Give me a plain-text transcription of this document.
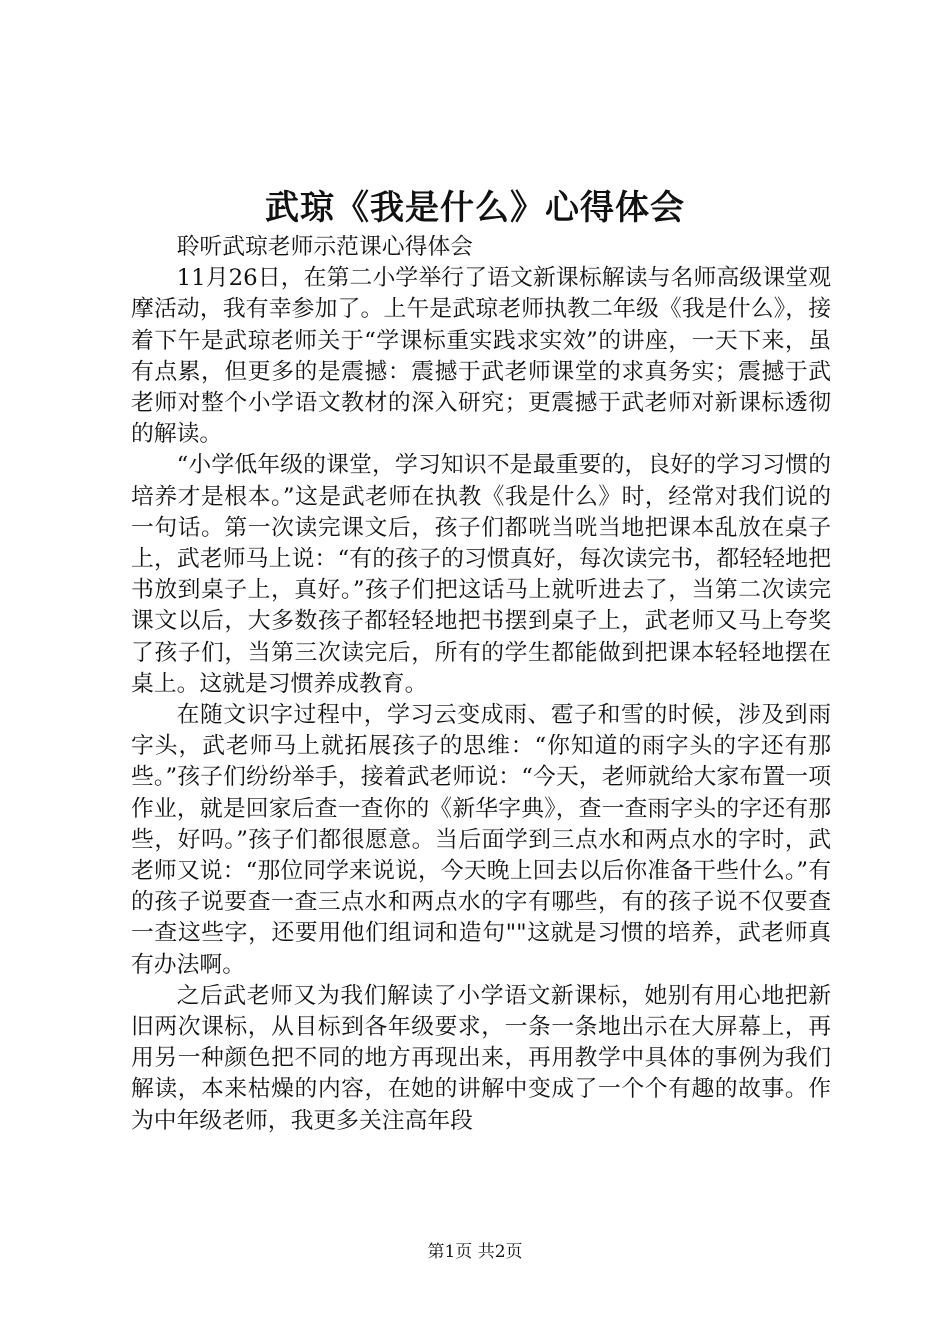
武琼《我是什么》心得体会

聆听武琼老师示范课心得体会

11月26日，在第二小学举行了语文新课标解读与名师高级课堂观摩活动，我有幸参加了。上午是武琼老师执教二年级《我是什么》，接着下午是武琼老师关于“学课标重实践求实效”的讲座，一天下来，虽有点累，但更多的是震撼：震撼于武老师课堂的求真务实；震撼于武老师对整个小学语文教材的深入研究；更震撼于武老师对新课标透彻的解读。

“小学低年级的课堂，学习知识不是最重要的，良好的学习习惯的培养才是根本。”这是武老师在执教《我是什么》时，经常对我们说的一句话。第一次读完课文后，孩子们都咣当咣当地把课本乱放在桌子上，武老师马上说：“有的孩子的习惯真好，每次读完书，都轻轻地把书放到桌子上，真好。”孩子们把这话马上就听进去了，当第二次读完课文以后，大多数孩子都轻轻地把书摆到桌子上，武老师又马上夸奖了孩子们，当第三次读完后，所有的学生都能做到把课本轻轻地摆在桌上。这就是习惯养成教育。

在随文识字过程中，学习云变成雨、雹子和雪的时候，涉及到雨字头，武老师马上就拓展孩子的思维：“你知道的雨字头的字还有那些。”孩子们纷纷举手，接着武老师说：“今天，老师就给大家布置一项作业，就是回家后查一查你的《新华字典》，查一查雨字头的字还有那些，好吗。”孩子们都很愿意。当后面学到三点水和两点水的字时，武老师又说：“那位同学来说说，今天晚上回去以后你准备干些什么。”有的孩子说要查一查三点水和两点水的字有哪些，有的孩子说不仅要查一查这些字，还要用他们组词和造句""这就是习惯的培养，武老师真有办法啊。

之后武老师又为我们解读了小学语文新课标，她别有用心地把新旧两次课标，从目标到各年级要求，一条一条地出示在大屏幕上，再用另一种颜色把不同的地方再现出来，再用教学中具体的事例为我们解读，本来枯燥的内容，在她的讲解中变成了一个个有趣的故事。作为中年级老师，我更多关注高年段

第1页 共2页
